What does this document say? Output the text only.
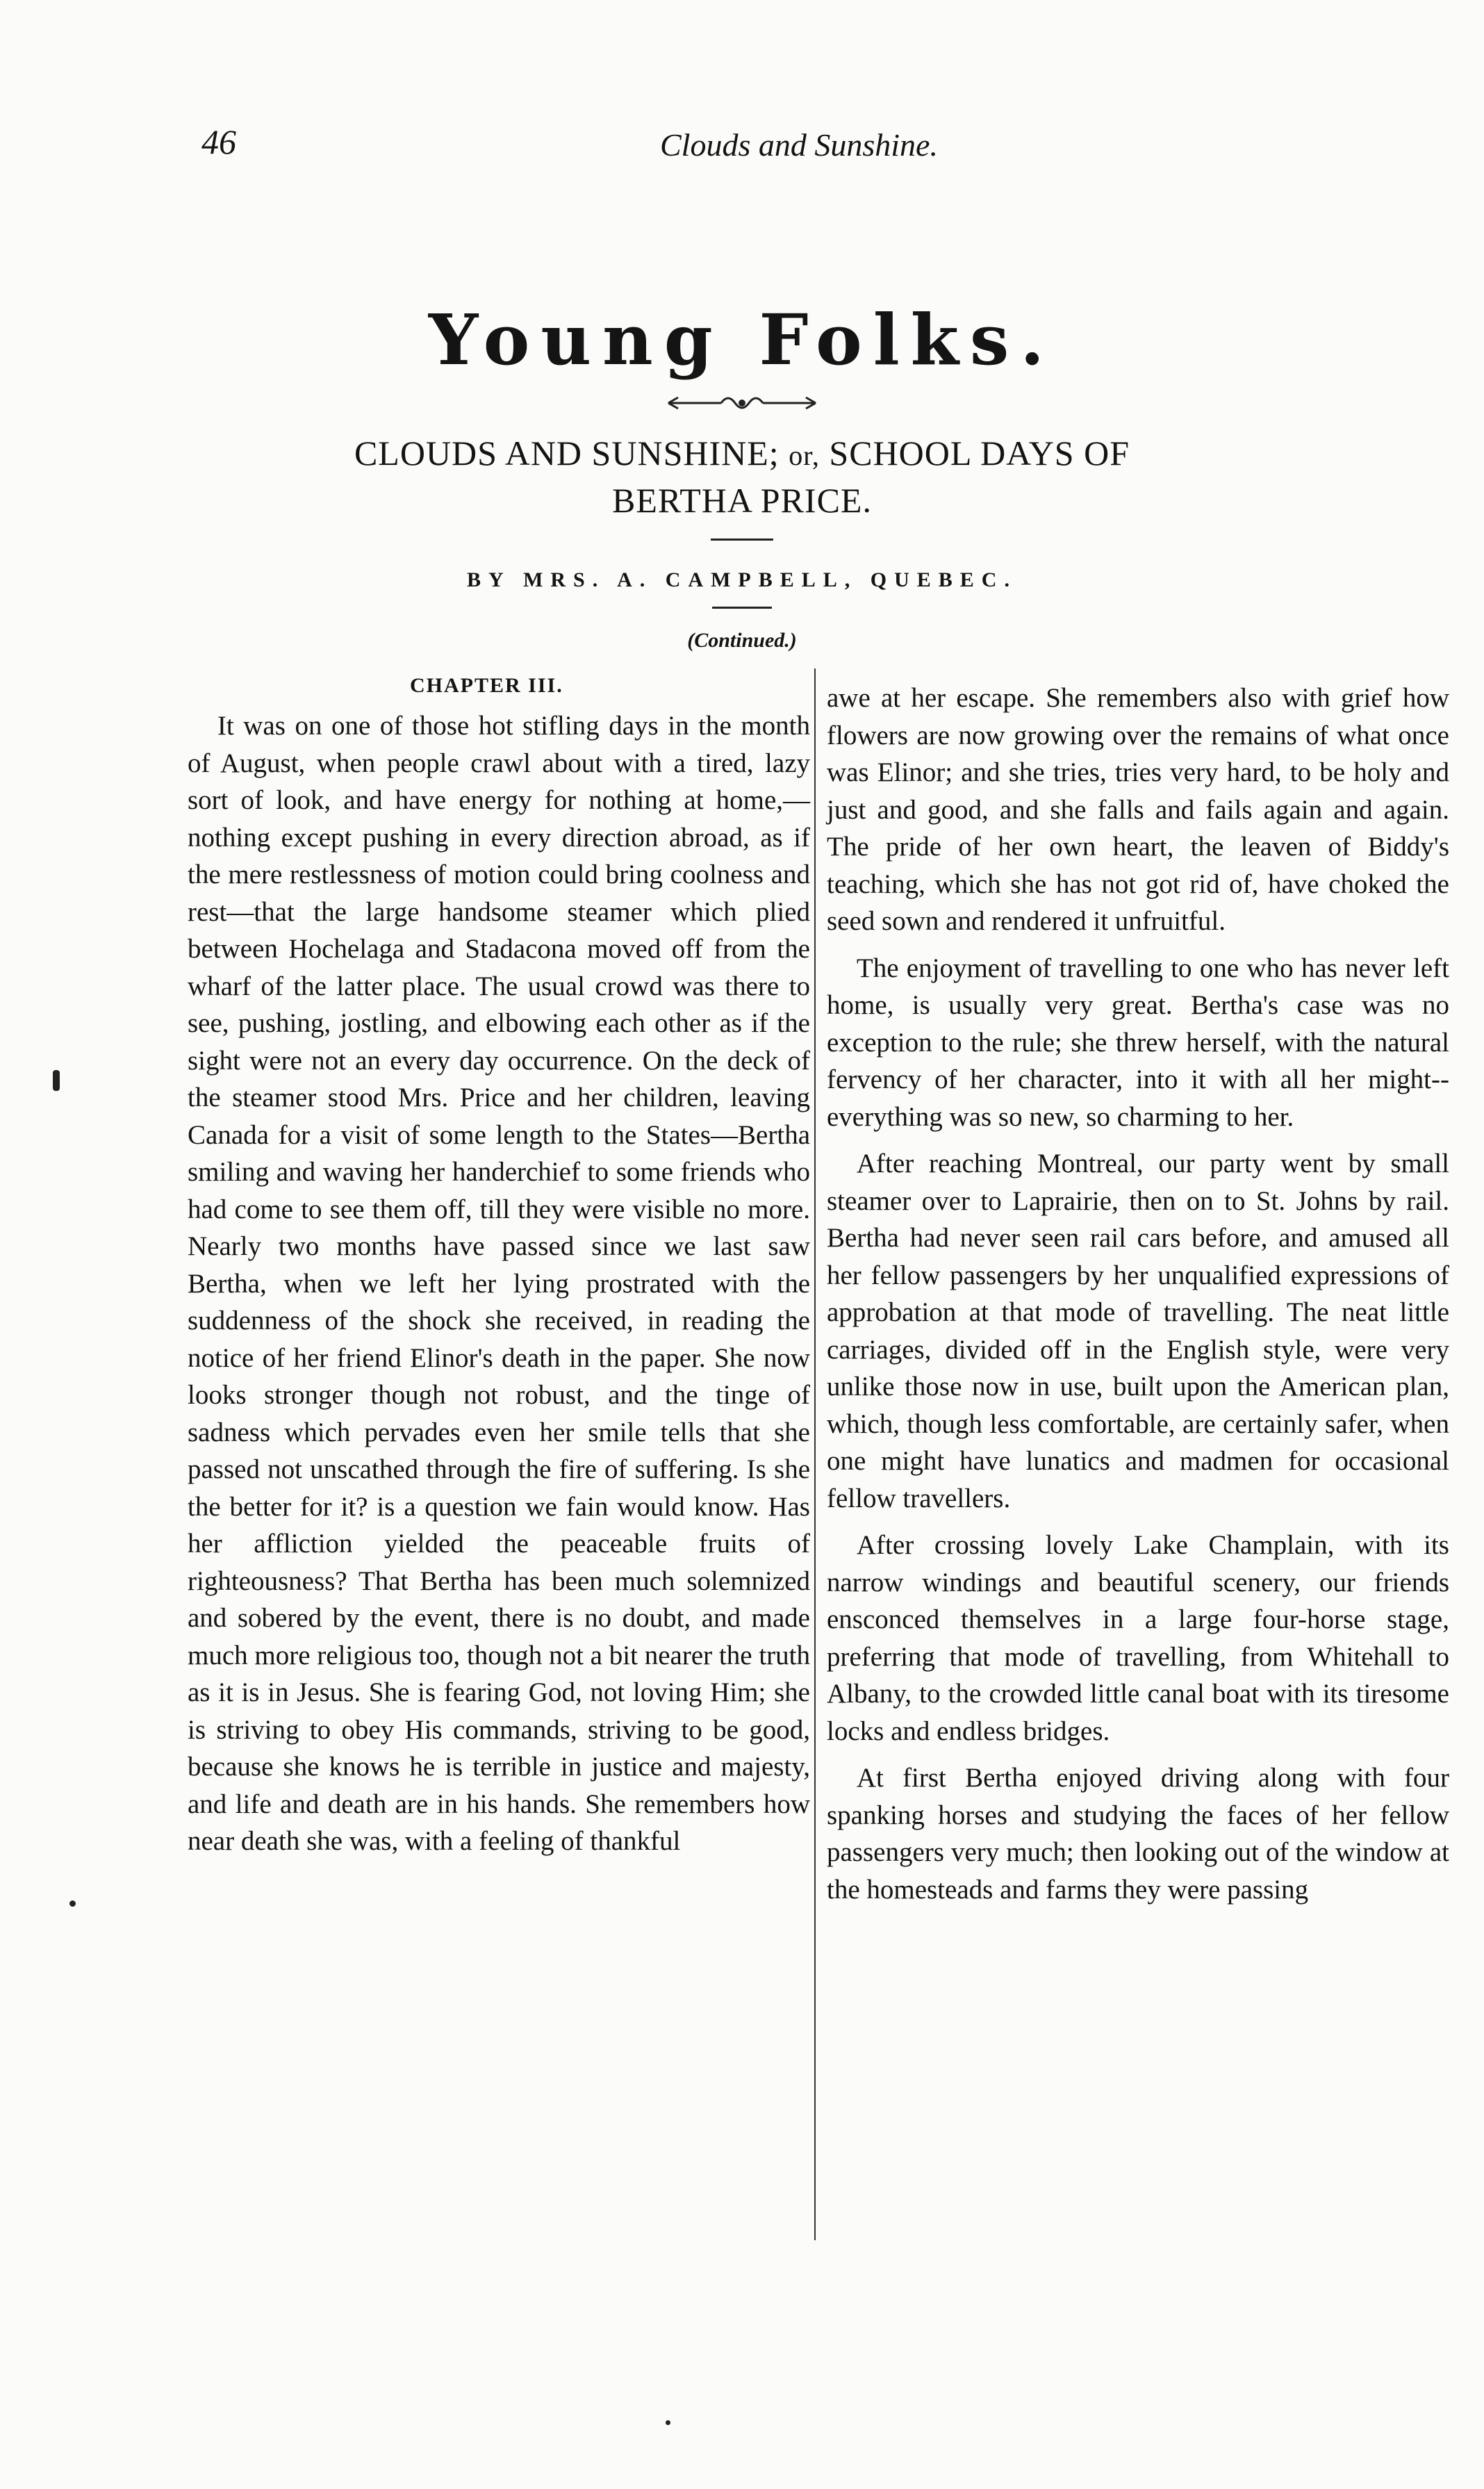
46	Clouds and Sunshine.
Young Folks.
CLOUDS AND SUNSHINE; or, SCHOOL DAYS OF
BERTHA PRICE.
BY MRS. A. CAMPBELL, QUEBEC.
(Continued.)
CHAPTER III.

It was on one of those hot stifling days in the month of August, when people crawl about with a tired, lazy sort of look, and have energy for nothing at home,—nothing except pushing in every direction abroad, as if the mere restlessness of motion could bring coolness and rest—that the large handsome steamer which plied between Hochelaga and Stadacona moved off from the wharf of the latter place. The usual crowd was there to see, pushing, jostling, and elbowing each other as if the sight were not an every day occurrence. On the deck of the steamer stood Mrs. Price and her children, leaving Canada for a visit of some length to the States—Bertha smiling and waving her handerchief to some friends who had come to see them off, till they were visible no more. Nearly two months have passed since we last saw Bertha, when we left her lying prostrated with the suddenness of the shock she received, in reading the notice of her friend Elinor's death in the paper. She now looks stronger though not robust, and the tinge of sadness which pervades even her smile tells that she passed not unscathed through the fire of suffering. Is she the better for it? is a question we fain would know. Has her affliction yielded the peaceable fruits of righteousness? That Bertha has been much solemnized and sobered by the event, there is no doubt, and made much more religious too, though not a bit nearer the truth as it is in Jesus. She is fearing God, not loving Him; she is striving to obey His commands, striving to be good, because she knows he is terrible in justice and majesty, and life and death are in his hands. She remembers how near death she was, with a feeling of thankful

awe at her escape. She remembers also with grief how flowers are now growing over the remains of what once was Elinor; and she tries, tries very hard, to be holy and just and good, and she falls and fails again and again. The pride of her own heart, the leaven of Biddy's teaching, which she has not got rid of, have choked the seed sown and rendered it unfruitful.

The enjoyment of travelling to one who has never left home, is usually very great. Bertha's case was no exception to the rule; she threw herself, with the natural fervency of her character, into it with all her might--everything was so new, so charming to her.

After reaching Montreal, our party went by small steamer over to Laprairie, then on to St. Johns by rail. Bertha had never seen rail cars before, and amused all her fellow passengers by her unqualified expressions of approbation at that mode of travelling. The neat little carriages, divided off in the English style, were very unlike those now in use, built upon the American plan, which, though less comfortable, are certainly safer, when one might have lunatics and madmen for occasional fellow travellers.

After crossing lovely Lake Champlain, with its narrow windings and beautiful scenery, our friends ensconced themselves in a large four-horse stage, preferring that mode of travelling, from Whitehall to Albany, to the crowded little canal boat with its tiresome locks and endless bridges.

At first Bertha enjoyed driving along with four spanking horses and studying the faces of her fellow passengers very much; then looking out of the window at the homesteads and farms they were passing
